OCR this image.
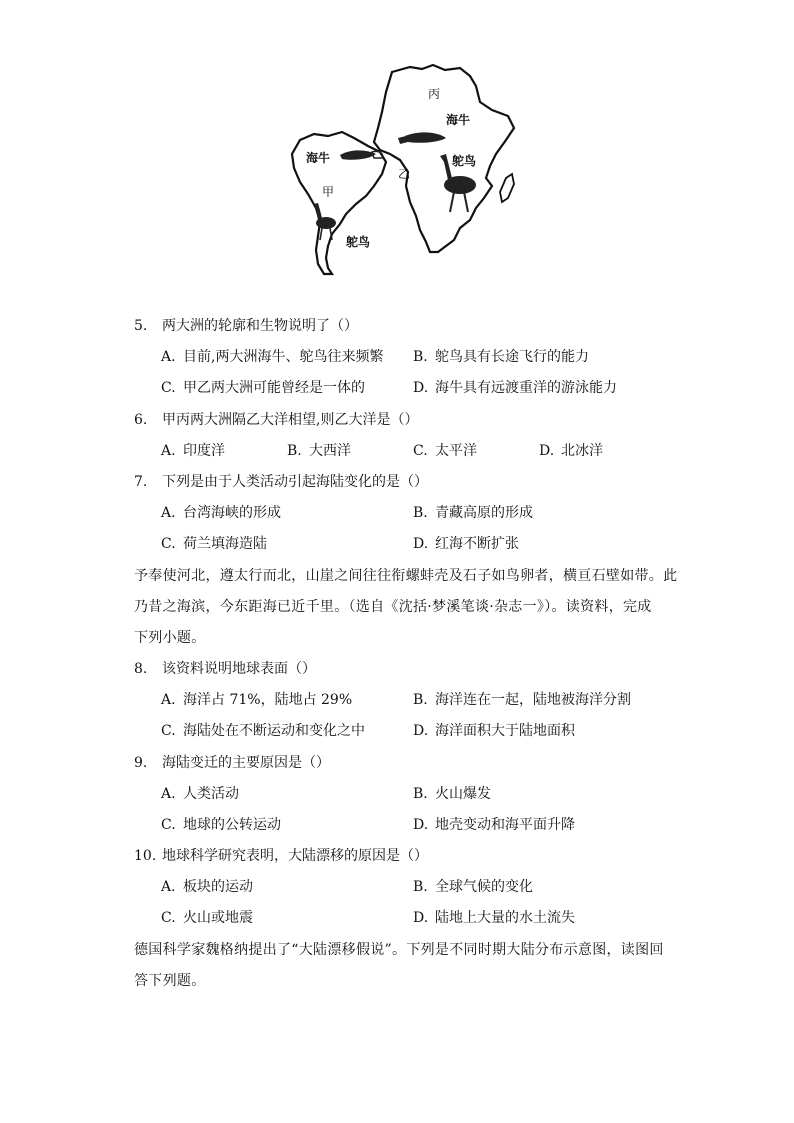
丙
海牛
海牛
甲
乙
鸵鸟
鸵鸟
5. 两大洲的轮廓和生物说明了（）
A. 目前,两大洲海牛、鸵鸟往来频繁 B. 鸵鸟具有长途飞行的能力
C. 甲乙两大洲可能曾经是一体的	D. 海牛具有远渡重洋的游泳能力
6. 甲丙两大洲隔乙大洋相望,则乙大洋是（）
A. 印度洋	B. 大西洋	C. 太平洋	D. 北冰洋
7. 下列是由于人类活动引起海陆变化的是（）
A. 台湾海峡的形成	B. 青藏高原的形成
C. 荷兰填海造陆	D. 红海不断扩张
予奉使河北，遵太行而北，山崖之间往往衔螺蚌壳及石子如鸟卵者，横亘石壁如带。此
乃昔之海滨，今东距海已近千里。（选自《沈括·梦溪笔谈·杂志一》）。读资料，完成
下列小题。
8. 该资料说明地球表面（）
A. 海洋占 71%，陆地占 29%	B. 海洋连在一起，陆地被海洋分割
C. 海陆处在不断运动和变化之中	D. 海洋面积大于陆地面积
9. 海陆变迁的主要原因是（）
A. 人类活动	B. 火山爆发
C. 地球的公转运动	D. 地壳变动和海平面升降
10. 地球科学研究表明，大陆漂移的原因是（）
A. 板块的运动	B. 全球气候的变化
C. 火山或地震	D. 陆地上大量的水土流失
德国科学家魏格纳提出了“大陆漂移假说”。下列是不同时期大陆分布示意图，读图回
答下列题。
